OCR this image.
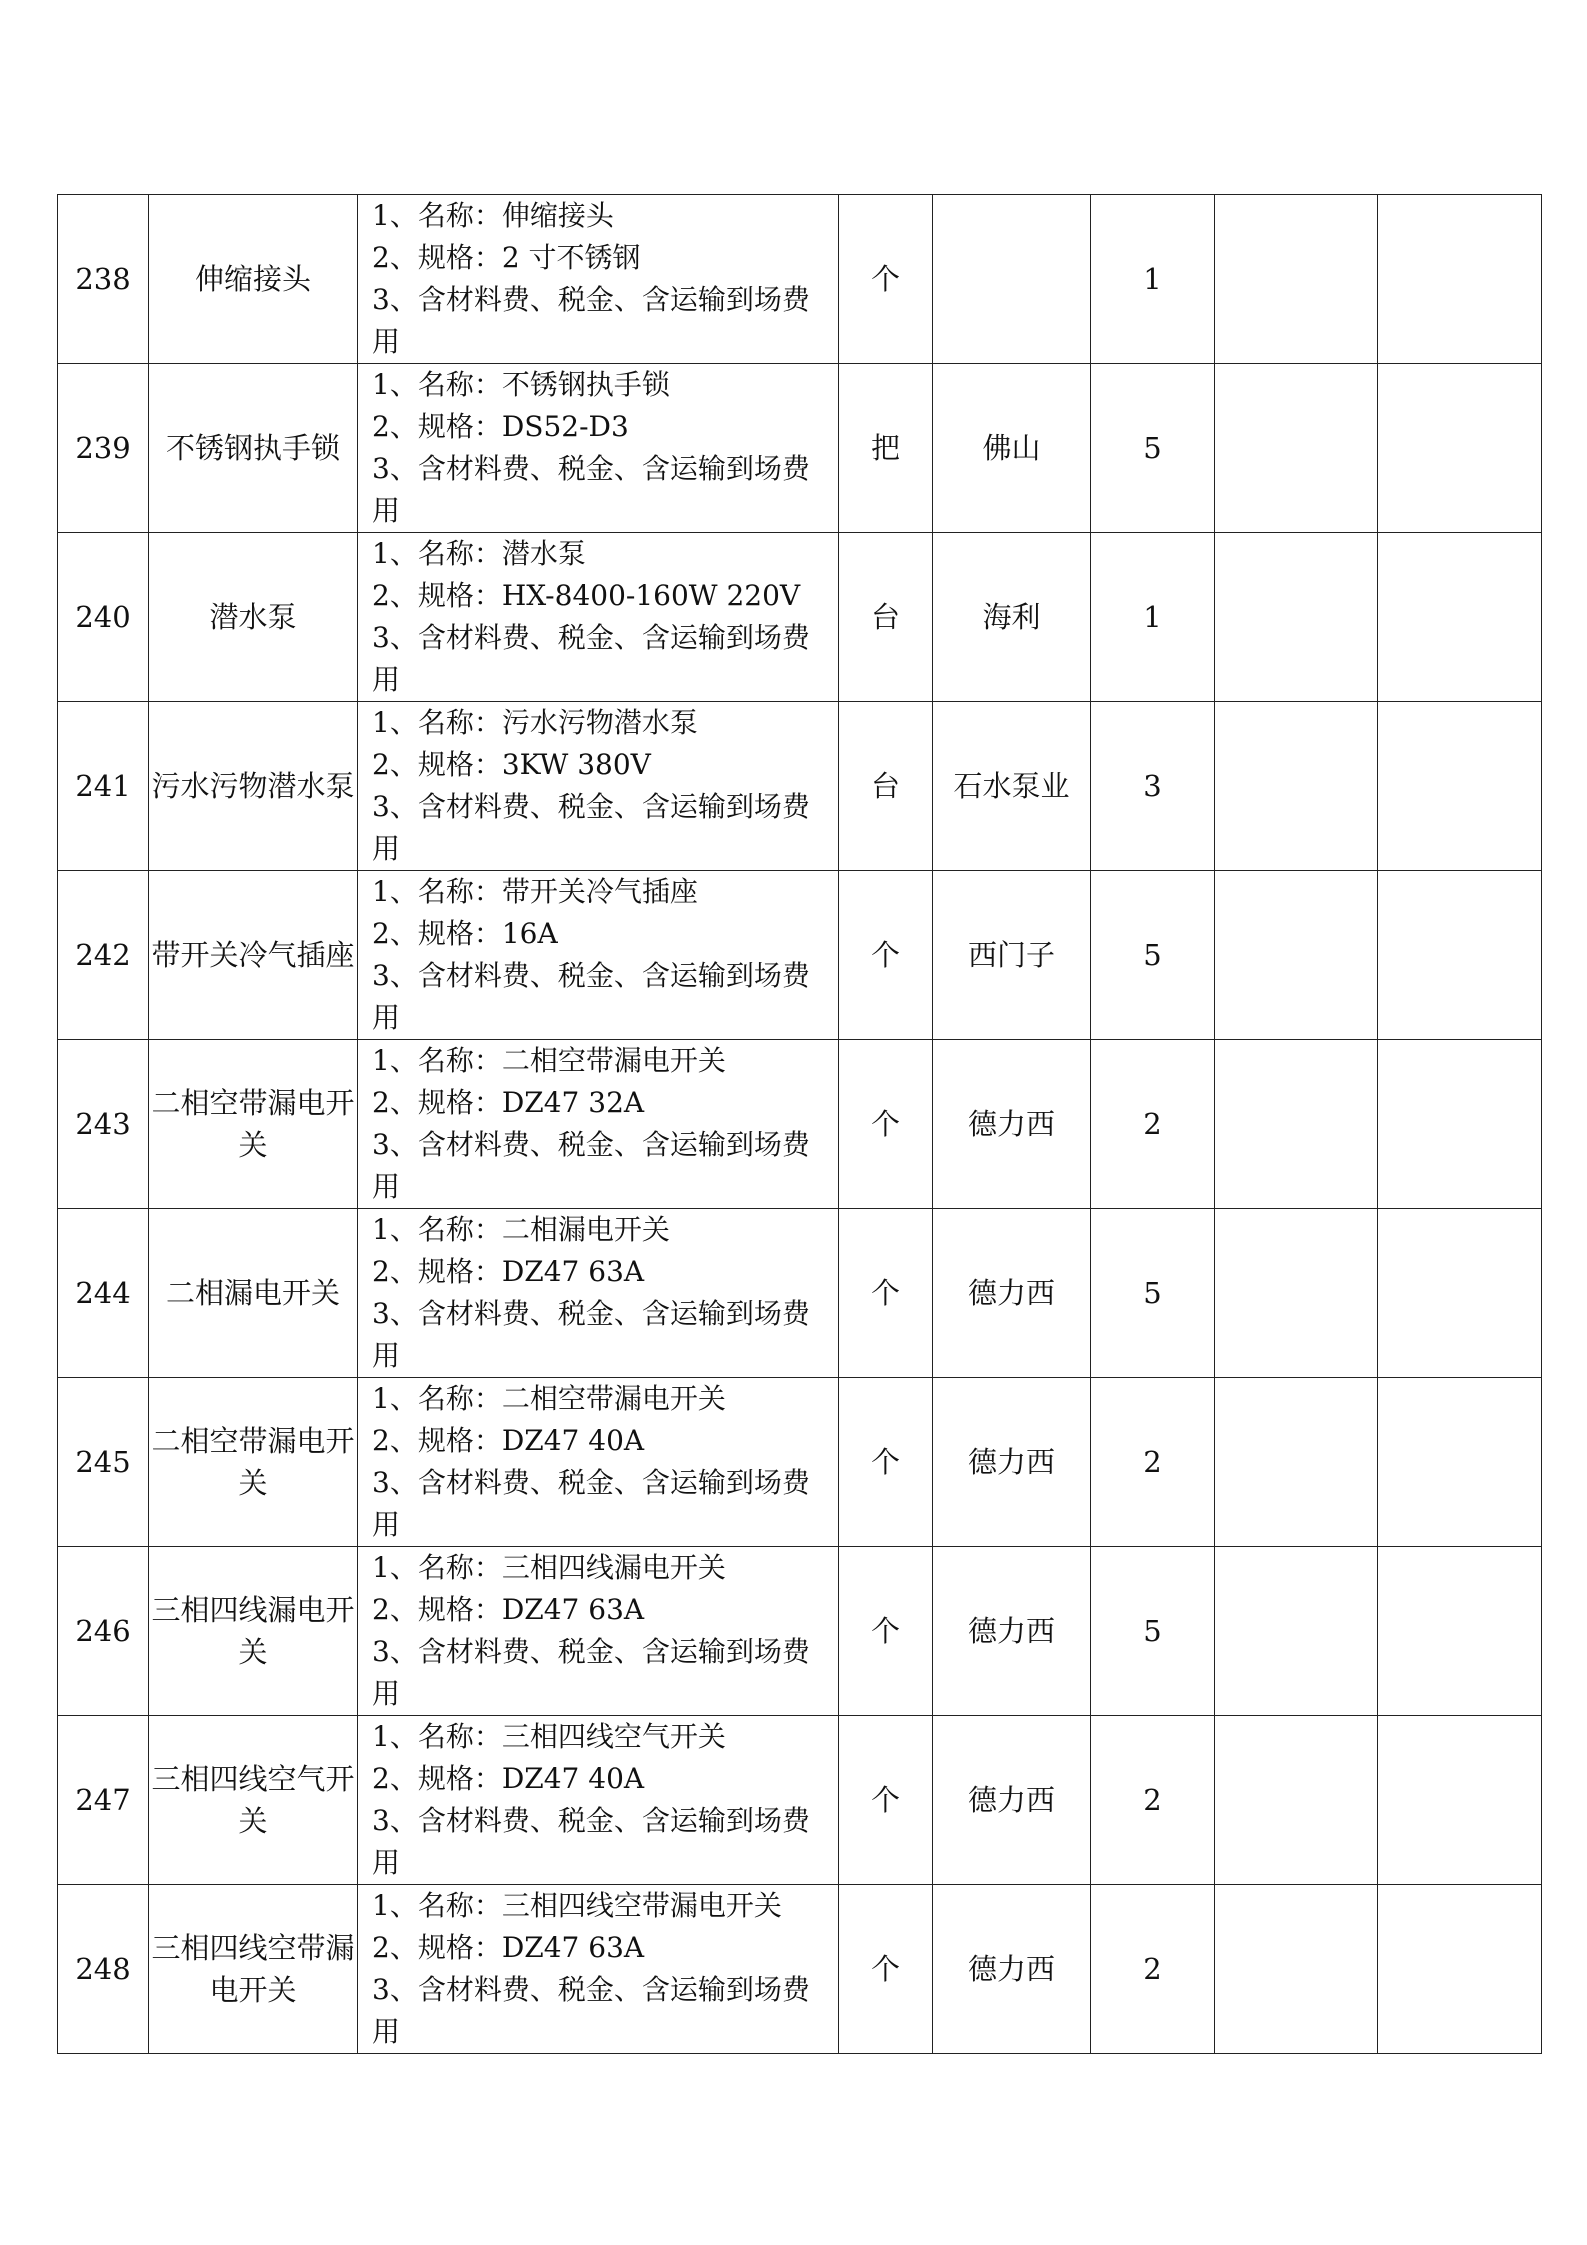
238	伸缩接头	1、名称：伸缩接头
2、规格：2 寸不锈钢
3、含材料费、税金、含运输到场费用	个		1		
239	不锈钢执手锁	1、名称：不锈钢执手锁
2、规格：DS52-D3
3、含材料费、税金、含运输到场费用	把	佛山	5		
240	潜水泵	1、名称：潜水泵
2、规格：HX-8400-160W 220V
3、含材料费、税金、含运输到场费用	台	海利	1		
241	污水污物潜水泵	1、名称：污水污物潜水泵
2、规格：3KW 380V
3、含材料费、税金、含运输到场费用	台	石水泵业	3		
242	带开关冷气插座	1、名称：带开关冷气插座
2、规格：16A
3、含材料费、税金、含运输到场费用	个	西门子	5		
243	二相空带漏电开关	1、名称：二相空带漏电开关
2、规格：DZ47 32A
3、含材料费、税金、含运输到场费用	个	德力西	2		
244	二相漏电开关	1、名称：二相漏电开关
2、规格：DZ47 63A
3、含材料费、税金、含运输到场费用	个	德力西	5		
245	二相空带漏电开关	1、名称：二相空带漏电开关
2、规格：DZ47 40A
3、含材料费、税金、含运输到场费用	个	德力西	2		
246	三相四线漏电开关	1、名称：三相四线漏电开关
2、规格：DZ47 63A
3、含材料费、税金、含运输到场费用	个	德力西	5		
247	三相四线空气开关	1、名称：三相四线空气开关
2、规格：DZ47 40A
3、含材料费、税金、含运输到场费用	个	德力西	2		
248	三相四线空带漏电开关	1、名称：三相四线空带漏电开关
2、规格：DZ47 63A
3、含材料费、税金、含运输到场费用	个	德力西	2		
